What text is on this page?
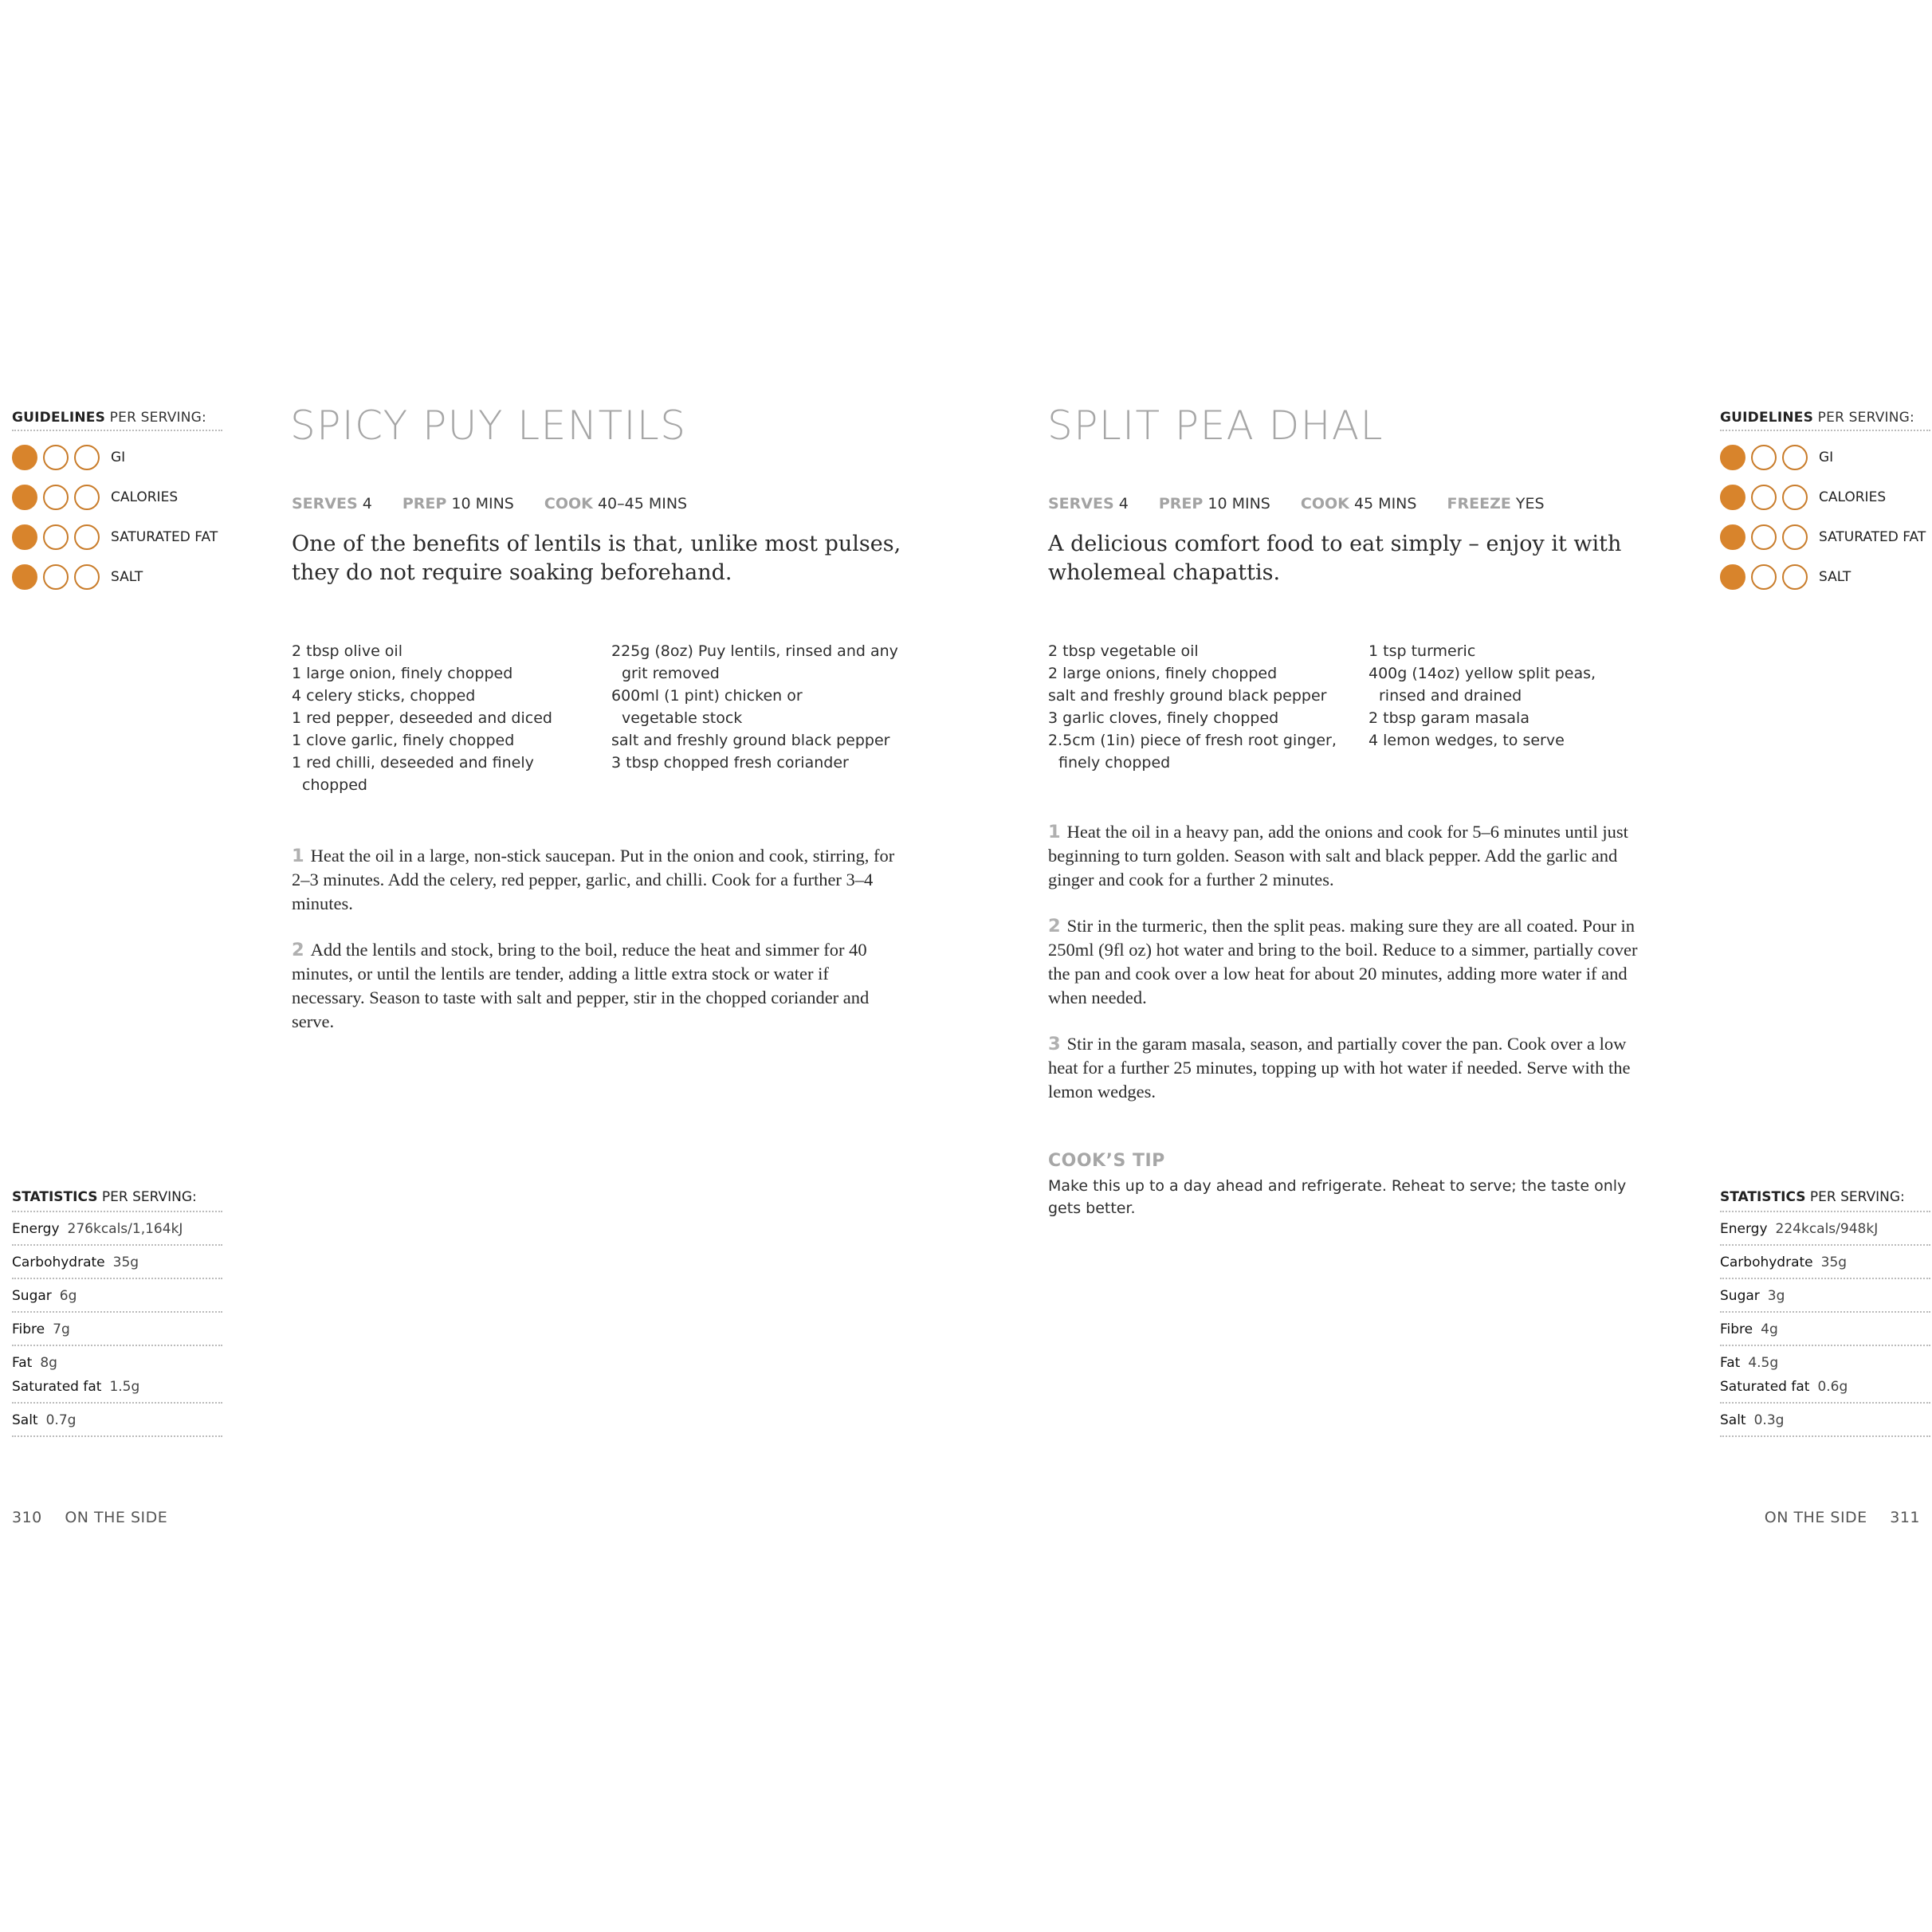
GUIDELINES PER SERVING:
GI
CALORIES
SATURATED FAT
SALT
STATISTICS PER SERVING:
Energy 276kcals/1,164kJ
Carbohydrate 35g
Sugar 6g
Fibre 7g
Fat 8g
Saturated fat 1.5g
Salt 0.7g
310 ON THE SIDE
SPICY PUY LENTILS
SERVES 4 PREP 10 MINS COOK 40–45 MINS
One of the benefits of lentils is that, unlike most pulses,
they do not require soaking beforehand.
2 tbsp olive oil
1 large onion, finely chopped
4 celery sticks, chopped
1 red pepper, deseeded and diced
1 clove garlic, finely chopped
1 red chilli, deseeded and finely
chopped
225g (8oz) Puy lentils, rinsed and any
grit removed
600ml (1 pint) chicken or
vegetable stock
salt and freshly ground black pepper
3 tbsp chopped fresh coriander
1 Heat the oil in a large, non-stick saucepan. Put in the onion and cook, stirring, for 2–3 minutes. Add the celery, red pepper, garlic, and chilli. Cook for a further 3–4 minutes.
2 Add the lentils and stock, bring to the boil, reduce the heat and simmer for 40 minutes, or until the lentils are tender, adding a little extra stock or water if necessary. Season to taste with salt and pepper, stir in the chopped coriander and serve.
SPLIT PEA DHAL
SERVES 4 PREP 10 MINS COOK 45 MINS FREEZE YES
A delicious comfort food to eat simply – enjoy it with
wholemeal chapattis.
2 tbsp vegetable oil
2 large onions, finely chopped
salt and freshly ground black pepper
3 garlic cloves, finely chopped
2.5cm (1in) piece of fresh root ginger,
finely chopped
1 tsp turmeric
400g (14oz) yellow split peas,
rinsed and drained
2 tbsp garam masala
4 lemon wedges, to serve
1 Heat the oil in a heavy pan, add the onions and cook for 5–6 minutes until just beginning to turn golden. Season with salt and black pepper. Add the garlic and ginger and cook for a further 2 minutes.
2 Stir in the turmeric, then the split peas. making sure they are all coated. Pour in 250ml (9fl oz) hot water and bring to the boil. Reduce to a simmer, partially cover the pan and cook over a low heat for about 20 minutes, adding more water if and when needed.
3 Stir in the garam masala, season, and partially cover the pan. Cook over a low heat for a further 25 minutes, topping up with hot water if needed. Serve with the lemon wedges.
COOK’S TIP
Make this up to a day ahead and refrigerate. Reheat to serve; the taste only
gets better.
GUIDELINES PER SERVING:
GI
CALORIES
SATURATED FAT
SALT
STATISTICS PER SERVING:
Energy 224kcals/948kJ
Carbohydrate 35g
Sugar 3g
Fibre 4g
Fat 4.5g
Saturated fat 0.6g
Salt 0.3g
ON THE SIDE 311
